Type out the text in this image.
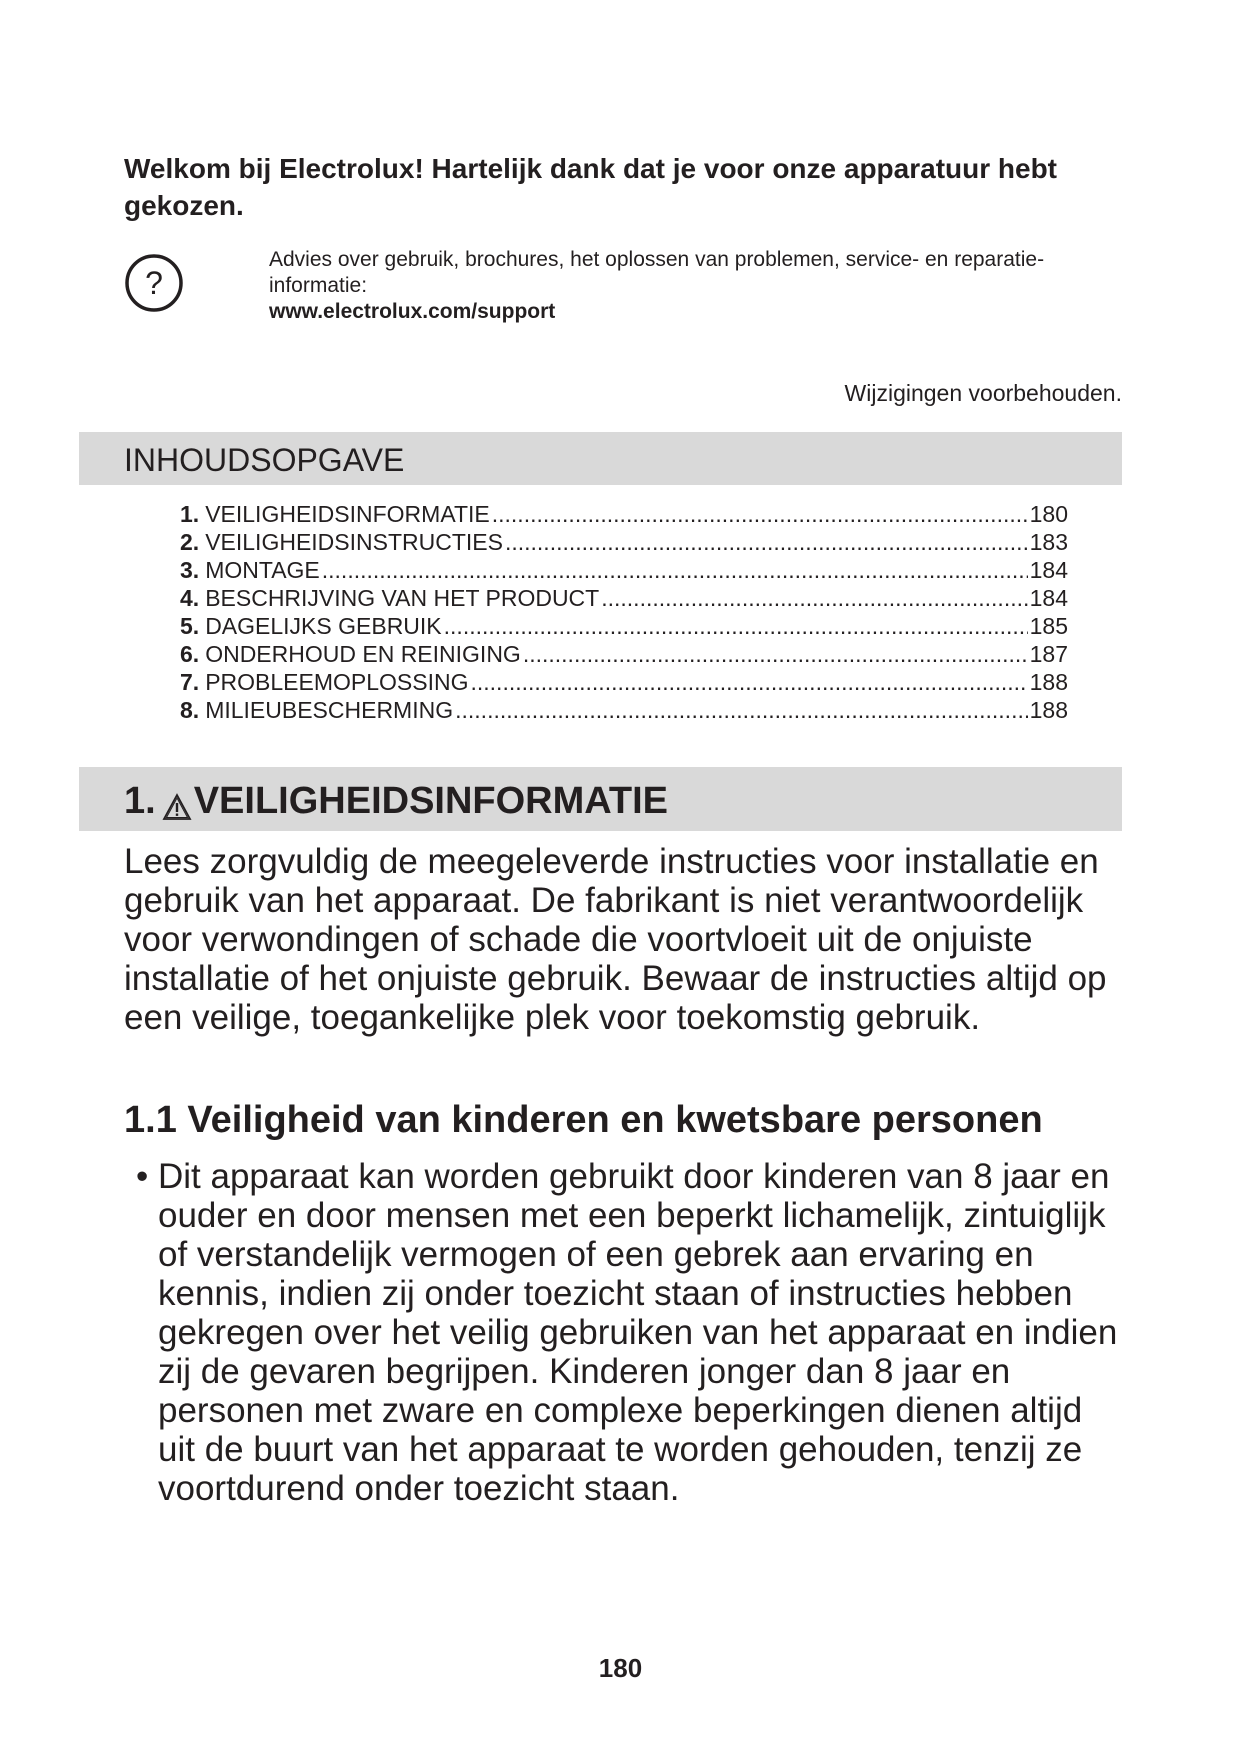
Welkom bij Electrolux! Hartelijk dank dat je voor onze apparatuur hebt gekozen.
?
Advies over gebruik, brochures, het oplossen van problemen, service- en reparatie-informatie:
www.electrolux.com/support
Wijzigingen voorbehouden.
INHOUDSOPGAVE
1. VEILIGHEIDSINFORMATIE .....	180
2. VEILIGHEIDSINSTRUCTIES .....	183
3. MONTAGE .....	184
4. BESCHRIJVING VAN HET PRODUCT .....	184
5. DAGELIJKS GEBRUIK .....	185
6. ONDERHOUD EN REINIGING .....	187
7. PROBLEEMOPLOSSING .....	188
8. MILIEUBESCHERMING .....	188
1. VEILIGHEIDSINFORMATIE

Lees zorgvuldig de meegeleverde instructies voor installatie en gebruik van het apparaat. De fabrikant is niet verantwoordelijk voor verwondingen of schade die voortvloeit uit de onjuiste installatie of het onjuiste gebruik. Bewaar de instructies altijd op een veilige, toegankelijke plek voor toekomstig gebruik.

1.1 Veiligheid van kinderen en kwetsbare personen
• Dit apparaat kan worden gebruikt door kinderen van 8 jaar en ouder en door mensen met een beperkt lichamelijk, zintuiglijk of verstandelijk vermogen of een gebrek aan ervaring en kennis, indien zij onder toezicht staan of instructies hebben gekregen over het veilig gebruiken van het apparaat en indien zij de gevaren begrijpen. Kinderen jonger dan 8 jaar en personen met zware en complexe beperkingen dienen altijd uit de buurt van het apparaat te worden gehouden, tenzij ze voortdurend onder toezicht staan.
180
